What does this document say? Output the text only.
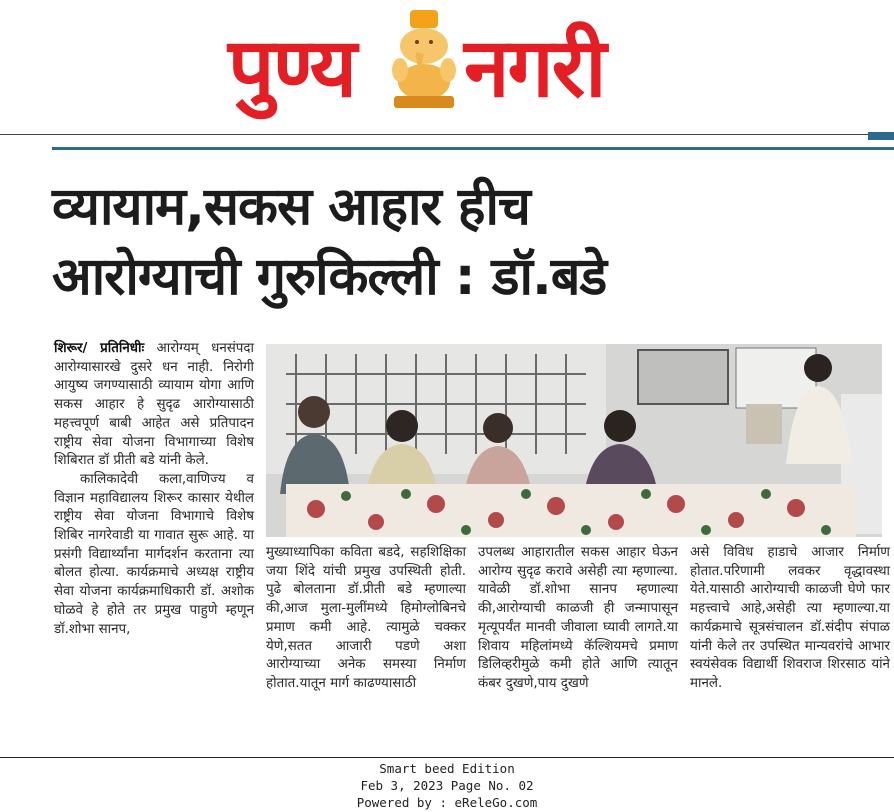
पुण्य नगरी
व्यायाम,सकस आहार हीच
आरोग्याची गुरुकिल्ली : डॉ.बडे

शिरूर/ प्रतिनिधीः आरोग्यम् धनसंपदा आरोग्यासारखे दुसरे धन नाही. निरोगी आयुष्य जगण्यासाठी व्यायाम योगा आणि सकस आहार हे सुदृढ आरोग्यासाठी महत्त्वपूर्ण बाबी आहेत असे प्रतिपादन राष्ट्रीय सेवा योजना विभागाच्या विशेष शिबिरात डॉ प्रीती बडे यांनी केले.

कालिकादेवी कला,वाणिज्य व विज्ञान महाविद्यालय शिरूर कासार येथील राष्ट्रीय सेवा योजना विभागाचे विशेष शिबिर नागरेवाडी या गावात सुरू आहे. या प्रसंगी विद्यार्थ्यांना मार्गदर्शन करताना त्या बोलत होत्या. कार्यक्रमाचे अध्यक्ष राष्ट्रीय सेवा योजना कार्यक्रमाधिकारी डॉ. अशोक घोळवे हे होते तर प्रमुख पाहुणे म्हणून डॉ.शोभा सानप,

मुख्याध्यापिका कविता बडदे, सहशिक्षिका जया शिंदे यांची प्रमुख उपस्थिती होती. पुढे बोलताना डॉ.प्रीती बडे म्हणाल्या की,आज मुला-मुलींमध्ये हिमोग्लोबिनचे प्रमाण कमी आहे. त्यामुळे चक्कर येणे,सतत आजारी पडणे अशा आरोग्याच्या अनेक समस्या निर्माण होतात.यातून मार्ग काढण्यासाठी
उपलब्ध आहारातील सकस आहार घेऊन आरोग्य सुदृढ करावे असेही त्या म्हणाल्या. यावेळी डॉ.शोभा सानप म्हणाल्या की,आरोग्याची काळजी ही जन्मापासून मृत्यूपर्यंत मानवी जीवाला घ्यावी लागते.या शिवाय महिलांमध्ये कॅल्शियमचे प्रमाण डिलिव्हरीमुळे कमी होते आणि त्यातून कंबर दुखणे,पाय दुखणे
असे विविध हाडाचे आजार निर्माण होतात.परिणामी लवकर वृद्धावस्था येते.यासाठी आरोग्याची काळजी घेणे फार महत्त्वाचे आहे,असेही त्या म्हणाल्या.या कार्यक्रमाचे सूत्रसंचालन डॉ.संदीप संपाळ यांनी केले तर उपस्थित मान्यवरांचे आभार स्वयंसेवक विद्यार्थी शिवराज शिरसाठ यांने मानले.
Smart beed Edition
Feb 3, 2023 Page No. 02
Powered by : eReleGo.com
